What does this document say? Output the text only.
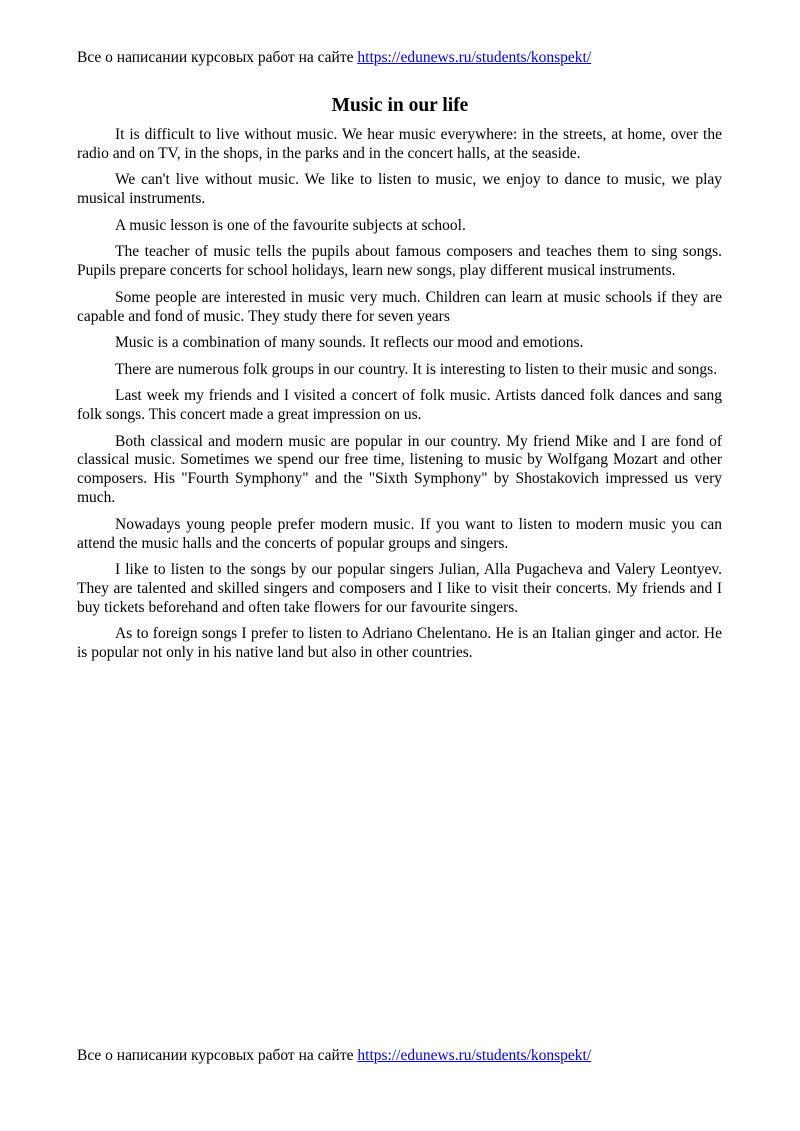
Все о написании курсовых работ на сайте https://edunews.ru/students/konspekt/
Music in our life

It is difficult to live without music. We hear music everywhere: in the streets, at home, over the radio and on TV, in the shops, in the parks and in the concert halls, at the seaside.

We can't live without music. We like to listen to music, we enjoy to dance to music, we play musical instruments.

A music lesson is one of the favourite subjects at school.

The teacher of music tells the pupils about famous composers and teaches them to sing songs. Pupils prepare concerts for school holidays, learn new songs, play different musical instruments.

Some people are interested in music very much. Children can learn at music schools if they are capable and fond of music. They study there for seven years

Music is a combination of many sounds. It reflects our mood and emotions.

There are numerous folk groups in our country. It is interesting to listen to their music and songs.

Last week my friends and I visited a concert of folk music. Artists danced folk dances and sang folk songs. This concert made a great impression on us.

Both classical and modern music are popular in our country. My friend Mike and I are fond of classical music. Sometimes we spend our free time, listening to music by Wolfgang Mozart and other composers. His "Fourth Symphony" and the "Sixth Symphony" by Shostakovich impressed us very much.

Nowadays young people prefer modern music. If you want to listen to modern music you can attend the music halls and the concerts of popular groups and singers.

I like to listen to the songs by our popular singers Julian, Alla Pugacheva and Valery Leontyev. They are talented and skilled singers and composers and I like to visit their concerts. My friends and I buy tickets beforehand and often take flowers for our favourite singers.

As to foreign songs I prefer to listen to Adriano Chelentano. He is an Italian ginger and actor. He is popular not only in his native land but also in other countries.

Все о написании курсовых работ на сайте https://edunews.ru/students/konspekt/
